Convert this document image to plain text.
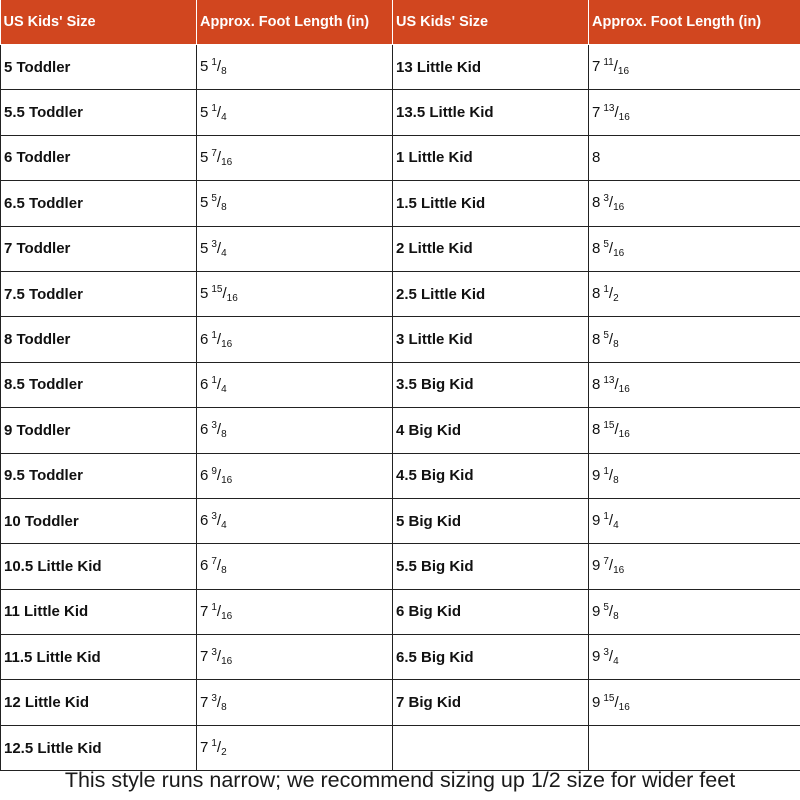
US Kids' Size	Approx. Foot Length (in)	US Kids' Size	Approx. Foot Length (in)
5 Toddler	5 $^1/_8$	13 Little Kid	7 $^{11}/_{16}$
5.5 Toddler	5 $^1/_4$	13.5 Little Kid	7 $^{13}/_{16}$
6 Toddler	5 $^7/_{16}$	1 Little Kid	8
6.5 Toddler	5 $^5/_8$	1.5 Little Kid	8 $^3/_{16}$
7 Toddler	5 $^3/_4$	2 Little Kid	8 $^5/_{16}$
7.5 Toddler	5 $^{15}/_{16}$	2.5 Little Kid	8 $^1/_2$
8 Toddler	6 $^1/_{16}$	3 Little Kid	8 $^5/_8$
8.5 Toddler	6 $^1/_4$	3.5 Big Kid	8 $^{13}/_{16}$
9 Toddler	6 $^3/_8$	4 Big Kid	8 $^{15}/_{16}$
9.5 Toddler	6 $^9/_{16}$	4.5 Big Kid	9 $^1/_8$
10 Toddler	6 $^3/_4$	5 Big Kid	9 $^1/_4$
10.5 Little Kid	6 $^7/_8$	5.5 Big Kid	9 $^7/_{16}$
11 Little Kid	7 $^1/_{16}$	6 Big Kid	9 $^5/_8$
11.5 Little Kid	7 $^3/_{16}$	6.5 Big Kid	9 $^3/_4$
12 Little Kid	7 $^3/_8$	7 Big Kid	9 $^{15}/_{16}$
12.5 Little Kid	7 $^1/_2$		
This style runs narrow; we recommend sizing up 1/2 size for wider feet
